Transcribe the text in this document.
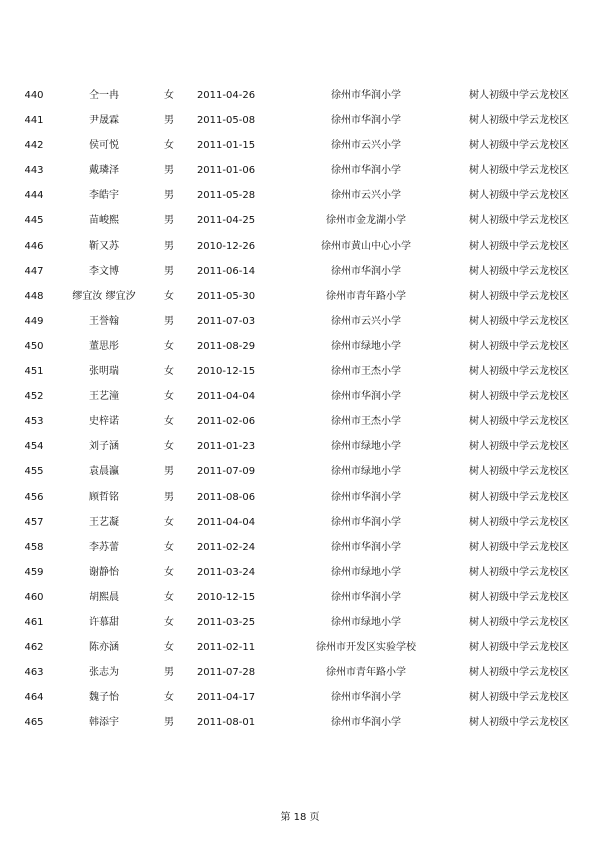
440	仝一冉	女	2011-04-26	徐州市华润小学	树人初级中学云龙校区
441	尹晟霖	男	2011-05-08	徐州市华润小学	树人初级中学云龙校区
442	侯可悦	女	2011-01-15	徐州市云兴小学	树人初级中学云龙校区
443	戴璘泽	男	2011-01-06	徐州市华润小学	树人初级中学云龙校区
444	李皓宇	男	2011-05-28	徐州市云兴小学	树人初级中学云龙校区
445	苗峻熙	男	2011-04-25	徐州市金龙湖小学	树人初级中学云龙校区
446	靳又苏	男	2010-12-26	徐州市黄山中心小学	树人初级中学云龙校区
447	李文博	男	2011-06-14	徐州市华润小学	树人初级中学云龙校区
448	缪宜汝 缪宜汐	女	2011-05-30	徐州市青年路小学	树人初级中学云龙校区
449	王誉翰	男	2011-07-03	徐州市云兴小学	树人初级中学云龙校区
450	董思彤	女	2011-08-29	徐州市绿地小学	树人初级中学云龙校区
451	张明瑞	女	2010-12-15	徐州市王杰小学	树人初级中学云龙校区
452	王艺潼	女	2011-04-04	徐州市华润小学	树人初级中学云龙校区
453	史梓诺	女	2011-02-06	徐州市王杰小学	树人初级中学云龙校区
454	刘子涵	女	2011-01-23	徐州市绿地小学	树人初级中学云龙校区
455	袁晨瀛	男	2011-07-09	徐州市绿地小学	树人初级中学云龙校区
456	顾哲铭	男	2011-08-06	徐州市华润小学	树人初级中学云龙校区
457	王艺凝	女	2011-04-04	徐州市华润小学	树人初级中学云龙校区
458	李苏蕾	女	2011-02-24	徐州市华润小学	树人初级中学云龙校区
459	谢静怡	女	2011-03-24	徐州市绿地小学	树人初级中学云龙校区
460	胡熙晨	女	2010-12-15	徐州市华润小学	树人初级中学云龙校区
461	许慕甜	女	2011-03-25	徐州市绿地小学	树人初级中学云龙校区
462	陈亦涵	女	2011-02-11	徐州市开发区实验学校	树人初级中学云龙校区
463	张志为	男	2011-07-28	徐州市青年路小学	树人初级中学云龙校区
464	魏子怡	女	2011-04-17	徐州市华润小学	树人初级中学云龙校区
465	韩添宇	男	2011-08-01	徐州市华润小学	树人初级中学云龙校区
第 18 页
